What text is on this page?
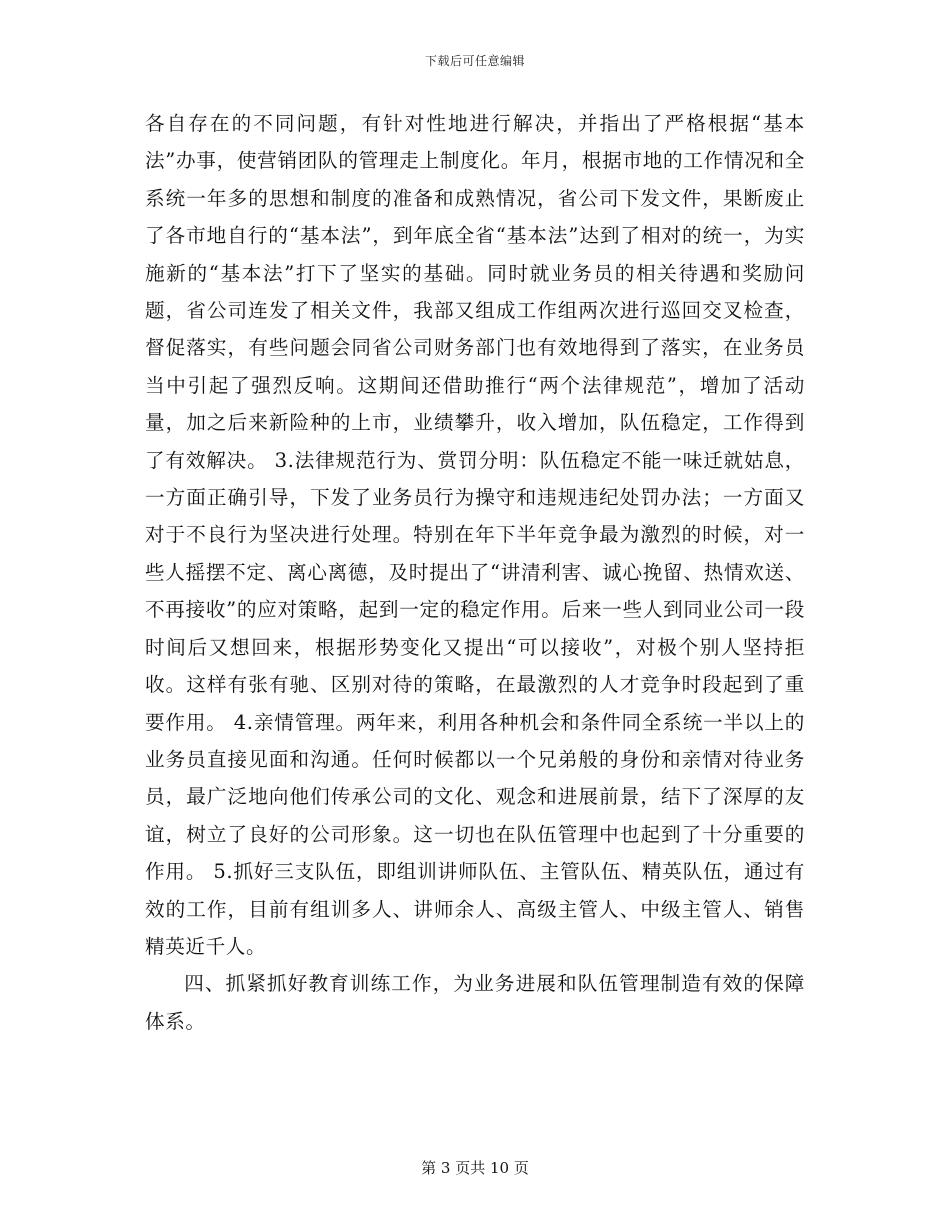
下载后可任意编辑

各自存在的不同问题，有针对性地进行解决，并指出了严格根据“基本法”办事，使营销团队的管理走上制度化。年月，根据市地的工作情况和全系统一年多的思想和制度的准备和成熟情况，省公司下发文件，果断废止了各市地自行的“基本法”，到年底全省“基本法”达到了相对的统一，为实施新的“基本法”打下了坚实的基础。同时就业务员的相关待遇和奖励问题，省公司连发了相关文件，我部又组成工作组两次进行巡回交叉检查，督促落实，有些问题会同省公司财务部门也有效地得到了落实，在业务员当中引起了强烈反响。这期间还借助推行“两个法律规范”，增加了活动量，加之后来新险种的上市，业绩攀升，收入增加，队伍稳定，工作得到了有效解决。 3.法律规范行为、赏罚分明：队伍稳定不能一味迁就姑息，一方面正确引导，下发了业务员行为操守和违规违纪处罚办法；一方面又对于不良行为坚决进行处理。特别在年下半年竞争最为激烈的时候，对一些人摇摆不定、离心离德，及时提出了“讲清利害、诚心挽留、热情欢送、不再接收”的应对策略，起到一定的稳定作用。后来一些人到同业公司一段时间后又想回来，根据形势变化又提出“可以接收”，对极个别人坚持拒收。这样有张有驰、区别对待的策略，在最激烈的人才竞争时段起到了重要作用。 4.亲情管理。两年来，利用各种机会和条件同全系统一半以上的业务员直接见面和沟通。任何时候都以一个兄弟般的身份和亲情对待业务员，最广泛地向他们传承公司的文化、观念和进展前景，结下了深厚的友谊，树立了良好的公司形象。这一切也在队伍管理中也起到了十分重要的作用。 5.抓好三支队伍，即组训讲师队伍、主管队伍、精英队伍，通过有效的工作，目前有组训多人、讲师余人、高级主管人、中级主管人、销售精英近千人。

四、抓紧抓好教育训练工作，为业务进展和队伍管理制造有效的保障体系。

第 3 页共 10 页
